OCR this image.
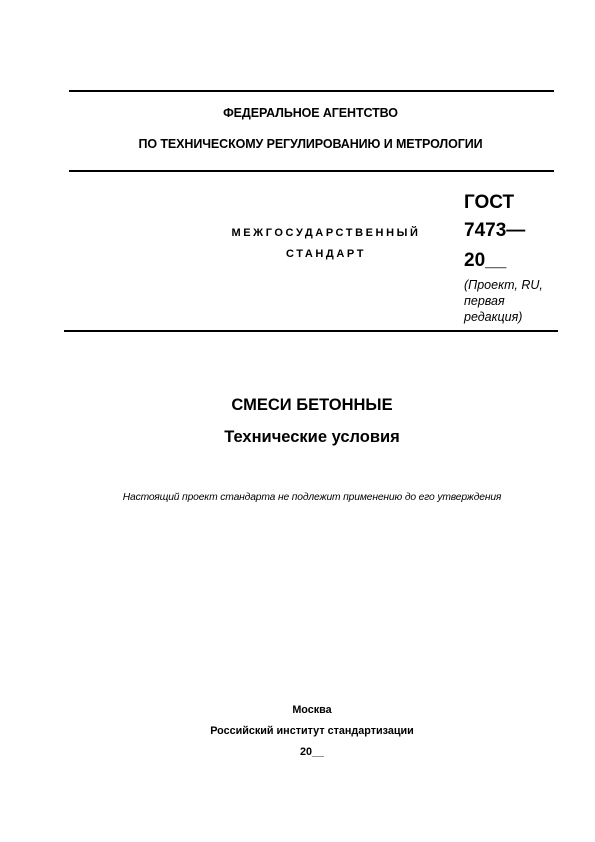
ФЕДЕРАЛЬНОЕ АГЕНТСТВО
ПО ТЕХНИЧЕСКОМУ РЕГУЛИРОВАНИЮ И МЕТРОЛОГИИ
МЕЖГОСУДАРСТВЕННЫЙ
СТАНДАРТ
ГОСТ
7473—
20__
(Проект, RU,
первая
редакция)
СМЕСИ БЕТОННЫЕ
Технические условия
Настоящий проект стандарта не подлежит применению до его утверждения
Москва
Российский институт стандартизации
20__
